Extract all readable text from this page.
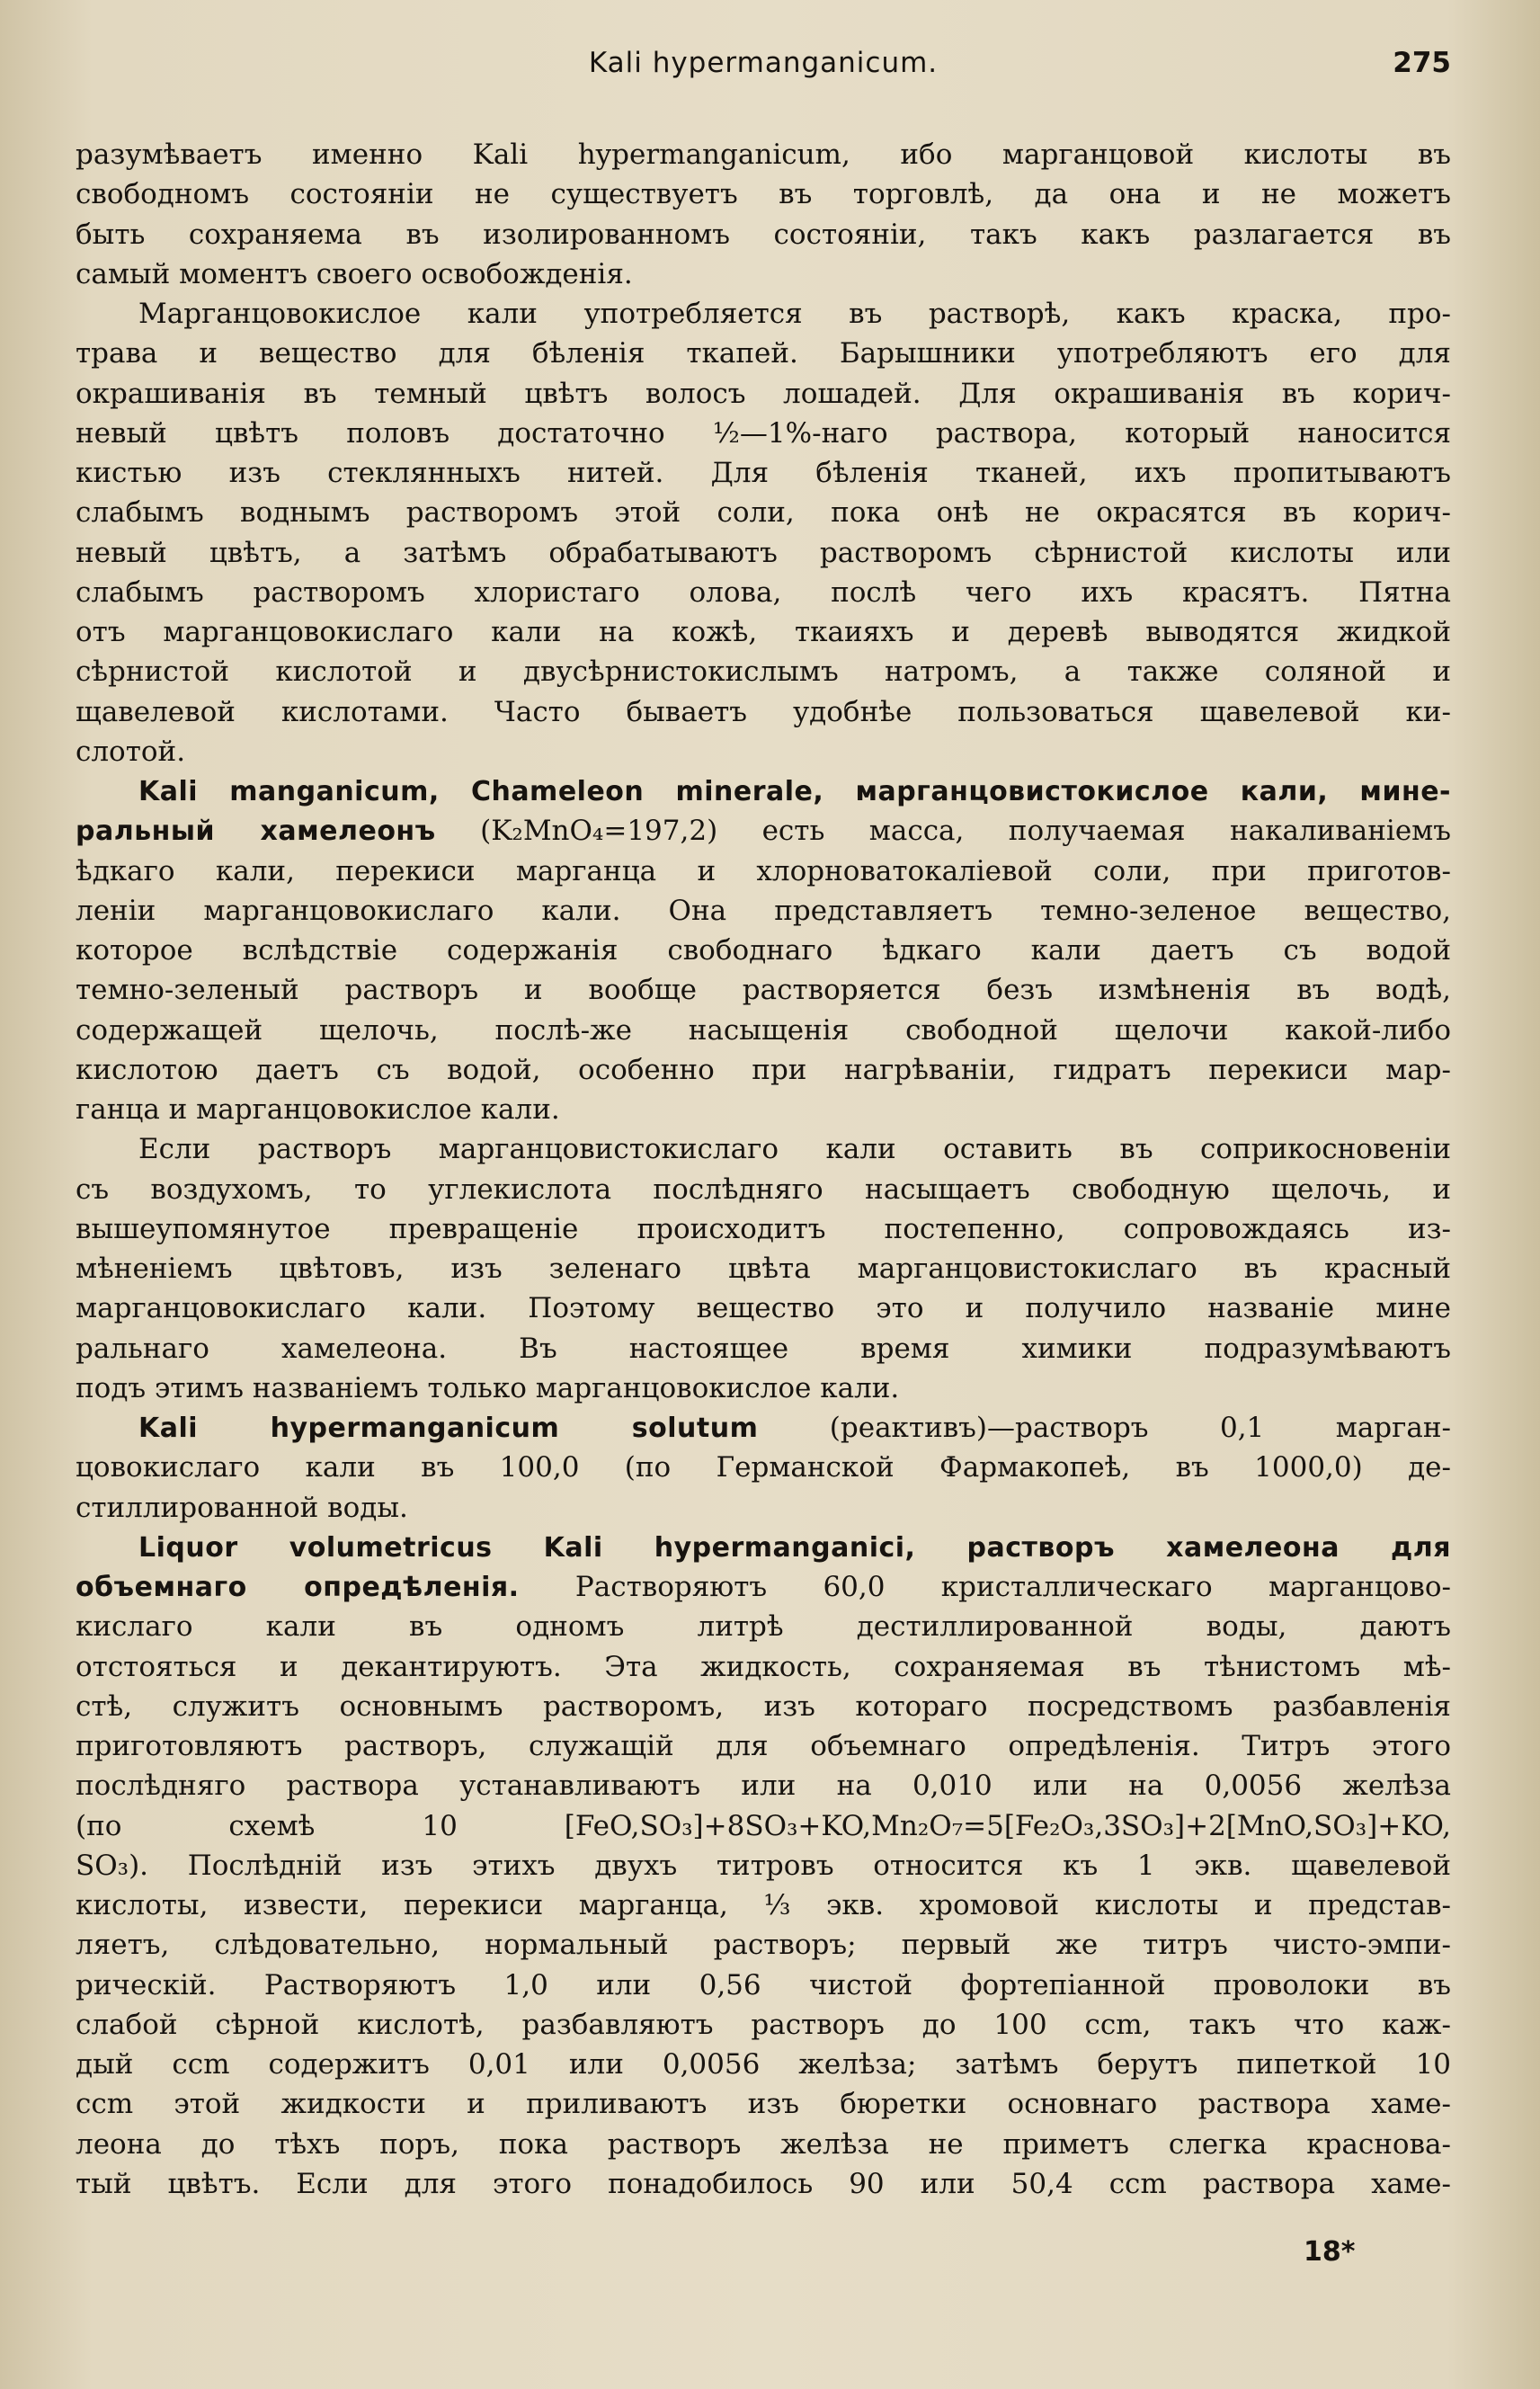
Kali hypermanganicum.	275
разумѣваетъ именно Kali hypermanganicum, ибо марганцовой кислоты въ
свободномъ состоянiи не существуетъ въ торговлѣ, да она и не можетъ
быть сохраняема въ изолированномъ состоянiи, такъ какъ разлагается въ
самый моментъ своего освобожденiя.
Марганцовокислое кали употребляется въ растворѣ, какъ краска, про-
трава и вещество для бѣленiя ткапей. Барышники употребляютъ его для
окрашиванiя въ темный цвѣтъ волосъ лошадей. Для окрашиванiя въ корич-
невый цвѣтъ половъ достаточно ½—1%-наго раствора, который наносится
кистью изъ стеклянныхъ нитей. Для бѣленiя тканей, ихъ пропитываютъ
слабымъ воднымъ растворомъ этой соли, пока онѣ не окрасятся въ корич-
невый цвѣтъ, а затѣмъ обрабатываютъ растворомъ сѣрнистой кислоты или
слабымъ растворомъ хлористаго олова, послѣ чего ихъ красятъ. Пятна
отъ марганцовокислаго кали на кожѣ, ткаияхъ и деревѣ выводятся жидкой
сѣрнистой кислотой и двусѣрнистокислымъ натромъ, а также соляной и
щавелевой кислотами. Часто бываетъ удобнѣе пользоваться щавелевой ки-
слотой.
Kali manganicum, Chameleon minerale, марганцовистокислое кали, мине-
ральный хамелеонъ (K₂MnO₄=197,2) есть масса, получаемая накаливанiемъ
ѣдкаго кали, перекиси марганца и хлорноватокалiевой соли, при приготов-
ленiи марганцовокислаго кали. Она представляетъ темно-зеленое вещество,
которое вслѣдствiе содержанiя свободнаго ѣдкаго кали даетъ съ водой
темно-зеленый растворъ и вообще растворяется безъ измѣненiя въ водѣ,
содержащей щелочь, послѣ-же насыщенiя свободной щелочи какой-либо
кислотою даетъ съ водой, особенно при нагрѣванiи, гидратъ перекиси мар-
ганца и марганцовокислое кали.
Если растворъ марганцовистокислаго кали оставить въ соприкосновенiи
съ воздухомъ, то углекислота послѣдняго насыщаетъ свободную щелочь, и
вышеупомянутое превращенiе происходитъ постепенно, сопровождаясь из-
мѣненiемъ цвѣтовъ, изъ зеленаго цвѣта марганцовистокислаго въ красный
марганцовокислаго кали. Поэтому вещество это и получило названiе мине
ральнаго хамелеона. Въ настоящее время химики подразумѣваютъ
подъ этимъ названiемъ только марганцовокислое кали.
Kali hypermanganicum solutum (реактивъ)—растворъ 0,1 марган-
цовокислаго кали въ 100,0 (по Германской Фармакопеѣ, въ 1000,0) де-
стиллированной воды.
Liquor volumetricus Kali hypermanganici, растворъ хамелеона для
объемнаго опредѣленiя. Растворяютъ 60,0 кристаллическаго марганцово-
кислаго кали въ одномъ литрѣ дестиллированной воды, даютъ
отстояться и декантируютъ. Эта жидкость, сохраняемая въ тѣнистомъ мѣ-
стѣ, служитъ основнымъ растворомъ, изъ котораго посредствомъ разбавленiя
приготовляютъ растворъ, служащiй для объемнаго опредѣленiя. Титръ этого
послѣдняго раствора устанавливаютъ или на 0,010 или на 0,0056 желѣза
(по схемѣ 10 [FeO,SO₃]+8SO₃+KO,Mn₂O₇=5[Fe₂O₃,3SO₃]+2[MnO,SO₃]+KO,
SO₃). Послѣднiй изъ этихъ двухъ титровъ относится къ 1 экв. щавелевой
кислоты, извести, перекиси марганца, ⅓ экв. хромовой кислоты и представ-
ляетъ, слѣдовательно, нормальный растворъ; первый же титръ чисто-эмпи-
рическiй. Растворяютъ 1,0 или 0,56 чистой фортепiанной проволоки въ
слабой сѣрной кислотѣ, разбавляютъ растворъ до 100 ccm, такъ что каж-
дый ccm содержитъ 0,01 или 0,0056 желѣза; затѣмъ берутъ пипеткой 10
ccm этой жидкости и приливаютъ изъ бюретки основнаго раствора хаме-
леона до тѣхъ поръ, пока растворъ желѣза не приметъ слегка краснова-
тый цвѣтъ. Если для этого понадобилось 90 или 50,4 ccm раствора хаме-
18*
